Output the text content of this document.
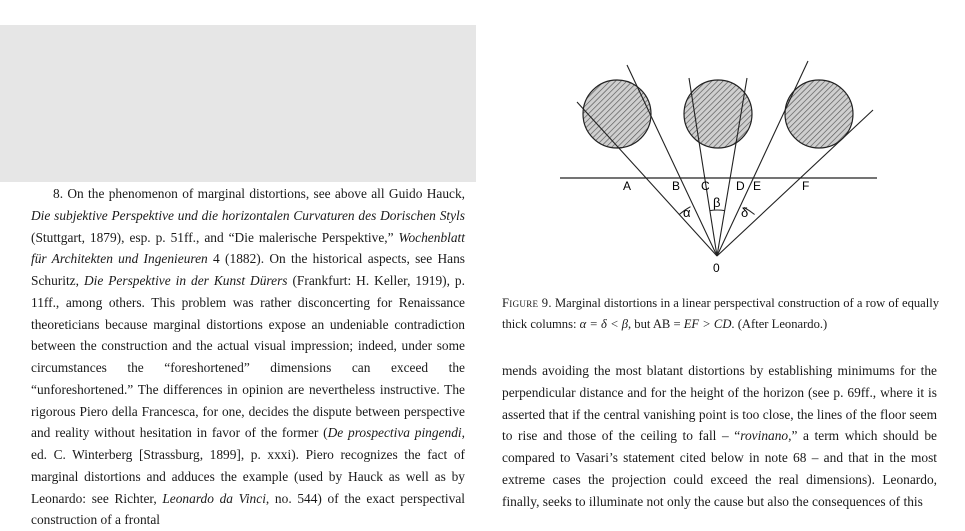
8. On the phenomenon of marginal distortions, see above all Guido Hauck, Die subjektive Perspektive und die horizontalen Curvaturen des Dorischen Styls (Stuttgart, 1879), esp. p. 51ff., and “Die malerische Perspektive,” Wochenblatt für Architekten und Ingenieuren 4 (1882). On the historical aspects, see Hans Schuritz, Die Perspektive in der Kunst Dürers (Frankfurt: H. Keller, 1919), p. 11ff., among others. This problem was rather disconcerting for Renaissance theoreticians because marginal distortions expose an undeniable contradiction between the construction and the actual visual impression; indeed, under some circumstances the “foreshortened” dimensions can exceed the “unforeshortened.” The differences in opinion are nevertheless instructive. The rigorous Piero della Francesca, for one, decides the dispute between perspective and reality without hesitation in favor of the former (De prospectiva pingendi, ed. C. Winterberg [Strassburg, 1899], p. xxxi). Piero recognizes the fact of marginal distortions and adduces the example (used by Hauck as well as by Leonardo: see Richter, Leonardo da Vinci, no. 544) of the exact perspectival construction of a frontal

A	B C D E	F
α
β
δ
0
Figure 9. Marginal distortions in a linear perspectival construction of a row of equally thick columns: α = δ < β, but AB = EF > CD. (After Leonardo.)

mends avoiding the most blatant distortions by establishing minimums for the perpendicular distance and for the height of the horizon (see p. 69ff., where it is asserted that if the central vanishing point is too close, the lines of the floor seem to rise and those of the ceiling to fall – “rovinano,” a term which should be compared to Vasari’s statement cited below in note 68 – and that in the most extreme cases the projection could exceed the real dimensions). Leonardo, finally, seeks to illuminate not only the cause but also the consequences of this
